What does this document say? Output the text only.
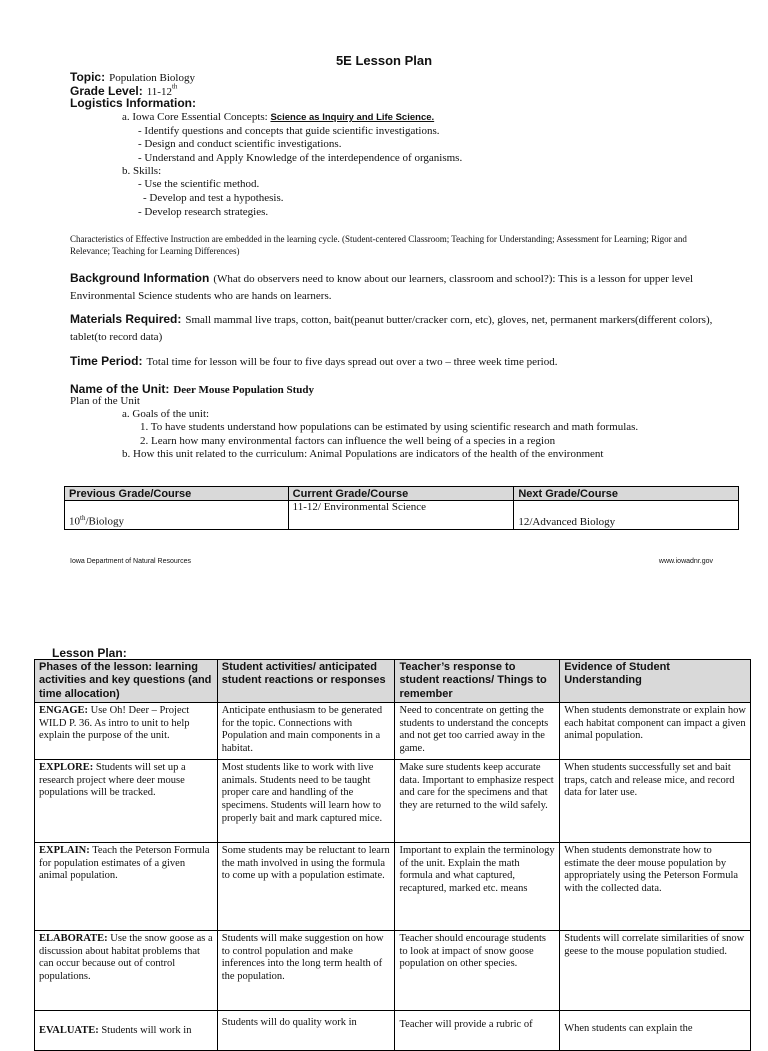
5E Lesson Plan
Topic: Population Biology
Grade Level: 11-12th
Logistics Information:
a. Iowa Core Essential Concepts: Science as Inquiry and Life Science.
- Identify questions and concepts that guide scientific investigations.
- Design and conduct scientific investigations.
- Understand and Apply Knowledge of the interdependence of organisms.
b. Skills:
- Use the scientific method.
- Develop and test a hypothesis.
- Develop research strategies.
Characteristics of Effective Instruction are embedded in the learning cycle. (Student-centered Classroom; Teaching for Understanding; Assessment for Learning; Rigor and Relevance; Teaching for Learning Differences)
Background Information (What do observers need to know about our learners, classroom and school?): This is a lesson for upper level Environmental Science students who are hands on learners.
Materials Required: Small mammal live traps, cotton, bait(peanut butter/cracker corn, etc), gloves, net, permanent markers(different colors), tablet(to record data)
Time Period: Total time for lesson will be four to five days spread out over a two – three week time period.
Name of the Unit: Deer Mouse Population Study
Plan of the Unit
a. Goals of the unit:
1. To have students understand how populations can be estimated by using scientific research and math formulas.
2. Learn how many environmental factors can influence the well being of a species in a region
b. How this unit related to the curriculum: Animal Populations are indicators of the health of the environment
Previous Grade/Course	Current Grade/Course	Next Grade/Course
10th/Biology	11-12/ Environmental Science	12/Advanced Biology
Iowa Department of Natural Resources	www.iowadnr.gov
Lesson Plan:
Phases of the lesson: learning activities and key questions (and time allocation)	Student activities/ anticipated student reactions or responses	Teacher’s response to student reactions/ Things to remember	Evidence of Student Understanding
ENGAGE: Use Oh! Deer – Project WILD P. 36. As intro to unit to help explain the purpose of the unit.	Anticipate enthusiasm to be generated for the topic. Connections with Population and main components in a habitat.	Need to concentrate on getting the students to understand the concepts and not get too carried away in the game.	When students demonstrate or explain how each habitat component can impact a given animal population.
EXPLORE: Students will set up a research project where deer mouse populations will be tracked.	Most students like to work with live animals. Students need to be taught proper care and handling of the specimens. Students will learn how to properly bait and mark captured mice.	Make sure students keep accurate data. Important to emphasize respect and care for the specimens and that they are returned to the wild safely.	When students successfully set and bait traps, catch and release mice, and record data for later use.
EXPLAIN: Teach the Peterson Formula for population estimates of a given animal population.	Some students may be reluctant to learn the math involved in using the formula to come up with a population estimate.	Important to explain the terminology of the unit. Explain the math formula and what captured, recaptured, marked etc. means	When students demonstrate how to estimate the deer mouse population by appropriately using the Peterson Formula with the collected data.
ELABORATE: Use the snow goose as a discussion about habitat problems that can occur because out of control populations.	Students will make suggestion on how to control population and make inferences into the long term health of the population.	Teacher should encourage students to look at impact of snow goose population on other species.	Students will correlate similarities of snow geese to the mouse population studied.
EVALUATE: Students will work in	Students will do quality work in	Teacher will provide a rubric of	When students can explain the
